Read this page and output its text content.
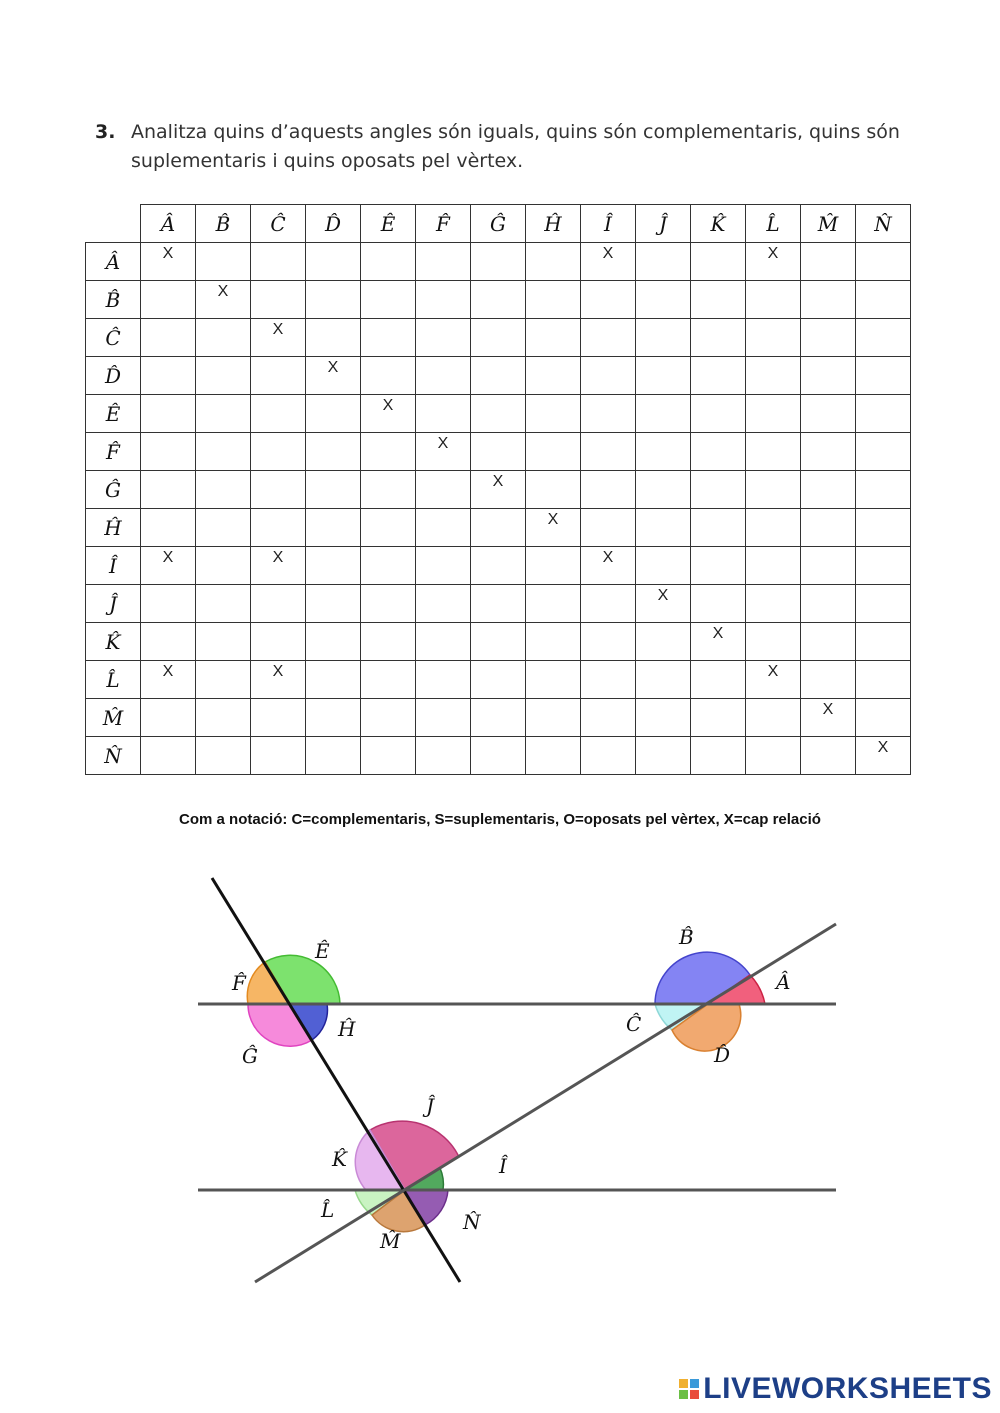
3. Analitza quins d’aquests angles són iguals, quins són complementaris, quins són suplementaris i quins oposats pel vèrtex.
	Â	B̂	Ĉ	D̂	Ê	F̂	Ĝ	Ĥ	Î	Ĵ	K̂	L̂	M̂	N̂
Â	X								X			X		
B̂		X												
Ĉ			X											
D̂				X										
Ê					X									
F̂						X								
Ĝ							X							
Ĥ								X						
Î	X		X						X					
Ĵ										X				
K̂											X			
L̂	X		X									X		
M̂													X	
N̂														X
Com a notació: C=complementaris, S=suplementaris, O=oposats pel vèrtex, X=cap relació
Ê
F̂
Ĝ
Ĥ
B̂
Â
Ĉ
D̂
Ĵ
K̂	Î
L̂
M̂
N̂
LIVEWORKSHEETS
